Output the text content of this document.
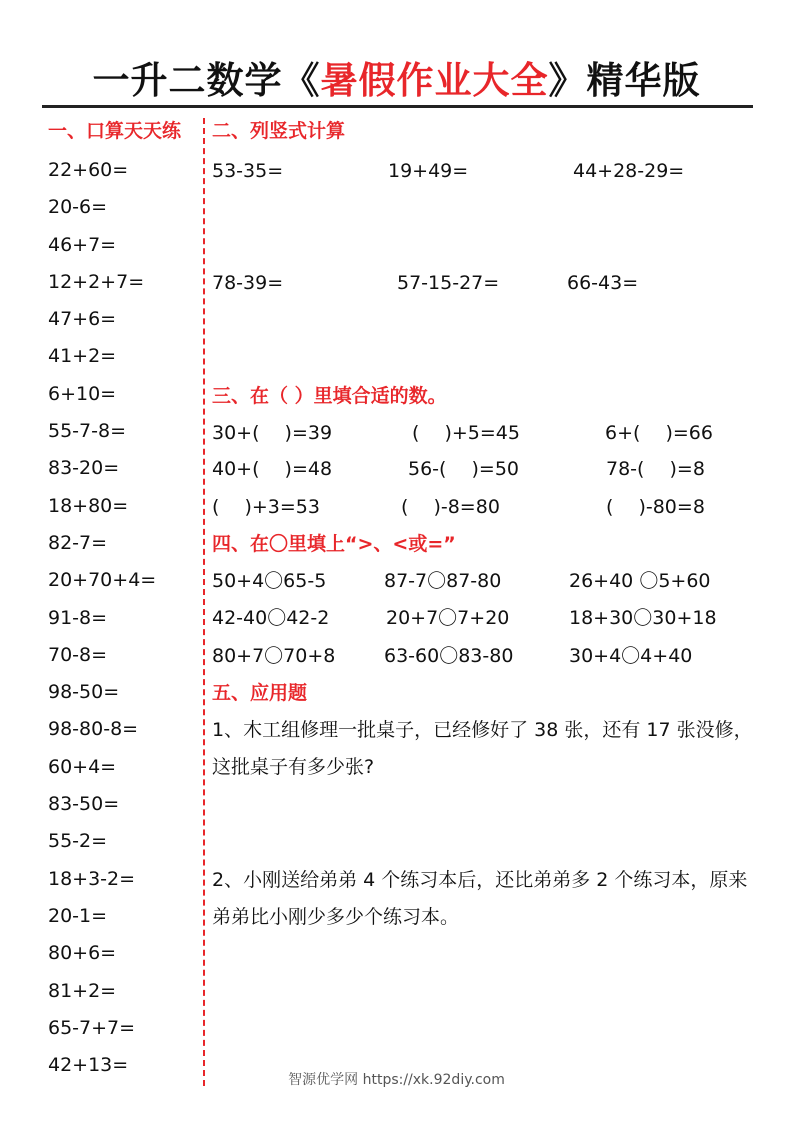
一升二数学《暑假作业大全》精华版
一、口算天天练
22+60=
20-6=
46+7=
12+2+7=
47+6=
41+2=
6+10=
55-7-8=
83-20=
18+80=
82-7=
20+70+4=
91-8=
70-8=
98-50=
98-80-8=
60+4=
83-50=
55-2=
18+3-2=
20-1=
80+6=
81+2=
65-7+7=
42+13=
二、列竖式计算
53-35=	19+49=	44+28-29=
78-39=	57-15-27=	66-43=
三、在（ ）里填合适的数。
30+(　 )=39	(　 )+5=45	6+(　 )=66
40+(　 )=48	56-(　 )=50	78-(　 )=8
(　 )+3=53	(　 )-8=80	(　 )-80=8
四、在〇里填上“>、<或=”
50+4〇65-5	87-7〇87-80	26+40 〇5+60
42-40〇42-2	20+7〇7+20	18+30〇30+18
80+7〇70+8	63-60〇83-80	30+4〇4+40
五、应用题
1、木工组修理一批桌子，已经修好了 38 张，还有 17 张没修，这批桌子有多少张?
2、小刚送给弟弟 4 个练习本后，还比弟弟多 2 个练习本，原来弟弟比小刚少多少个练习本。
智源优学网 https://xk.92diy.com
